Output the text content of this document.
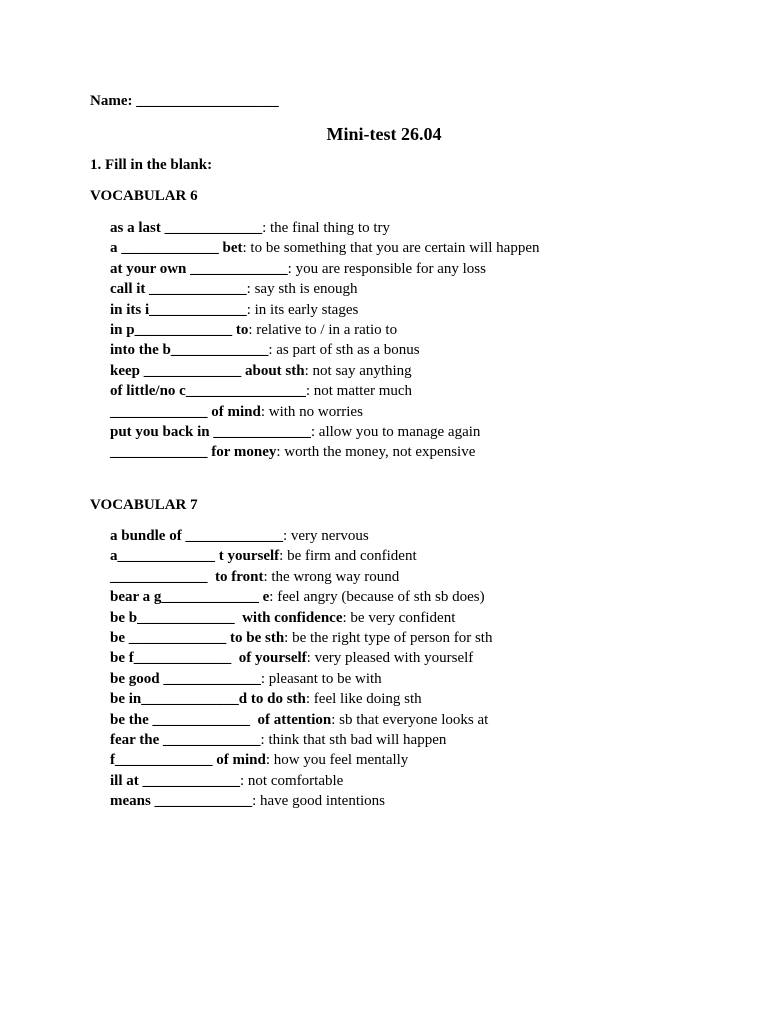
Name: ___________________
Mini-test 26.04
1. Fill in the blank:
VOCABULAR 6
as a last _____________: the final thing to try
a _____________ bet: to be something that you are certain will happen
at your own _____________: you are responsible for any loss
call it _____________: say sth is enough
in its i_____________: in its early stages
in p_____________ to: relative to / in a ratio to
into the b_____________: as part of sth as a bonus
keep _____________ about sth: not say anything
of little/no c________________: not matter much
_____________ of mind: with no worries
put you back in _____________: allow you to manage again
_____________ for money: worth the money, not expensive
VOCABULAR 7
a bundle of _____________: very nervous
a_____________ t yourself: be firm and confident
_____________  to front: the wrong way round
bear a g_____________ e: feel angry (because of sth sb does)
be b_____________  with confidence: be very confident
be _____________ to be sth: be the right type of person for sth
be f_____________  of yourself: very pleased with yourself
be good _____________: pleasant to be with
be in_____________d to do sth: feel like doing sth
be the _____________  of attention: sb that everyone looks at
fear the _____________: think that sth bad will happen
f_____________ of mind: how you feel mentally
ill at _____________: not comfortable
means _____________: have good intentions
